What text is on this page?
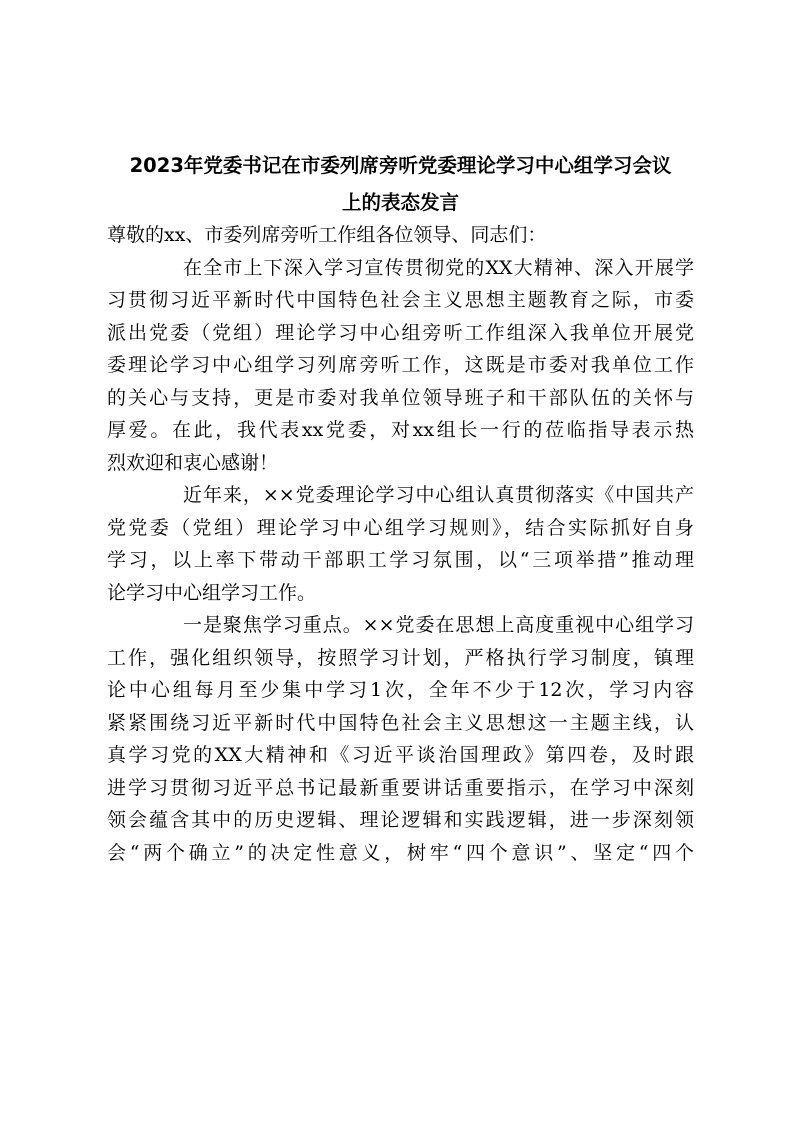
2023年党委书记在市委列席旁听党委理论学习中心组学习会议
上的表态发言

尊敬的xx、市委列席旁听工作组各位领导、同志们：

在全市上下深入学习宣传贯彻党的XX大精神、深入开展学
习贯彻习近平新时代中国特色社会主义思想主题教育之际，市委
派出党委（党组）理论学习中心组旁听工作组深入我单位开展党
委理论学习中心组学习列席旁听工作，这既是市委对我单位工作
的关心与支持，更是市委对我单位领导班子和干部队伍的关怀与
厚爱。在此，我代表xx党委，对xx组长一行的莅临指导表示热
烈欢迎和衷心感谢！
近年来，××党委理论学习中心组认真贯彻落实《中国共产
党党委（党组）理论学习中心组学习规则》，结合实际抓好自身
学习，以上率下带动干部职工学习氛围，以“三项举措”推动理
论学习中心组学习工作。
一是聚焦学习重点。××党委在思想上高度重视中心组学习
工作，强化组织领导，按照学习计划，严格执行学习制度，镇理
论中心组每月至少集中学习1次，全年不少于12次，学习内容
紧紧围绕习近平新时代中国特色社会主义思想这一主题主线，认
真学习党的XX大精神和《习近平谈治国理政》第四卷，及时跟
进学习贯彻习近平总书记最新重要讲话重要指示，在学习中深刻
领会蕴含其中的历史逻辑、理论逻辑和实践逻辑，进一步深刻领
会“两个确立”的决定性意义，树牢“四个意识”、坚定“四个
